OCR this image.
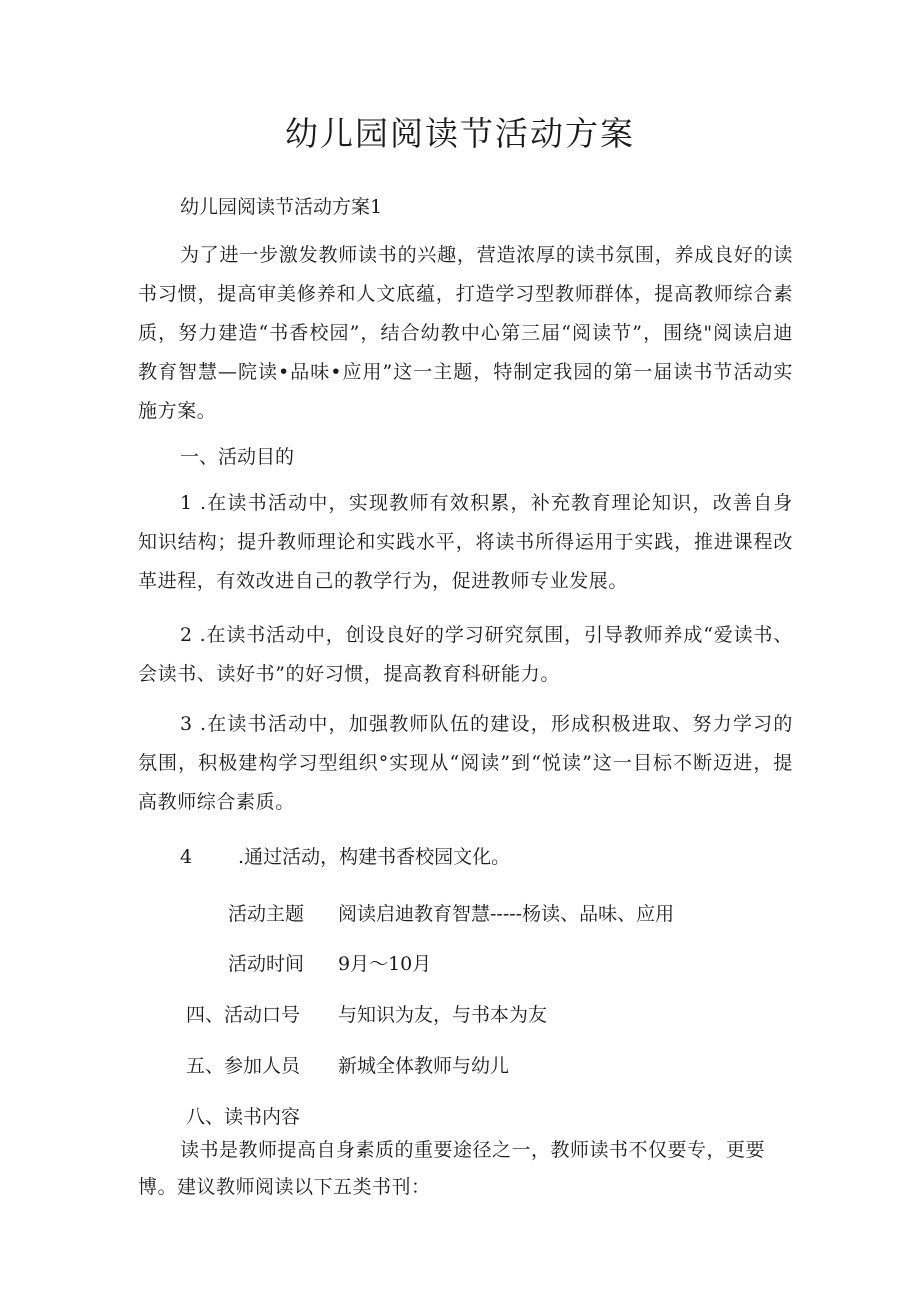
幼儿园阅读节活动方案
幼儿园阅读节活动方案1

为了进一步激发教师读书的兴趣，营造浓厚的读书氛围，养成良好的读书习惯，提高审美修养和人文底蕴，打造学习型教师群体，提高教师综合素质，努力建造“书香校园”，结合幼教中心第三届“阅读节”，围绕"阅读启迪教育智慧—院读•品味•应用”这一主题，特制定我园的第一届读书节活动实施方案。

一、活动目的

1 .在读书活动中，实现教师有效积累，补充教育理论知识，改善自身知识结构；提升教师理论和实践水平，将读书所得运用于实践，推进课程改革进程，有效改进自己的教学行为，促进教师专业发展。

2 .在读书活动中，创设良好的学习研究氛围，引导教师养成“爱读书、会读书、读好书”的好习惯，提高教育科研能力。

3 .在读书活动中，加强教师队伍的建设，形成积极进取、努力学习的氛围，积极建构学习型组织°实现从“阅读”到“悦读”这一目标不断迈进，提高教师综合素质。

4 .通过活动，构建书香校园文化。
活动主题 阅读启迪教育智慧-----杨读、品味、应用
活动时间 9月～10月
四、活动口号 与知识为友，与书本为友
五、参加人员 新城全体教师与幼儿
八、读书内容

读书是教师提高自身素质的重要途径之一，教师读书不仅要专，更要博。建议教师阅读以下五类书刊：
